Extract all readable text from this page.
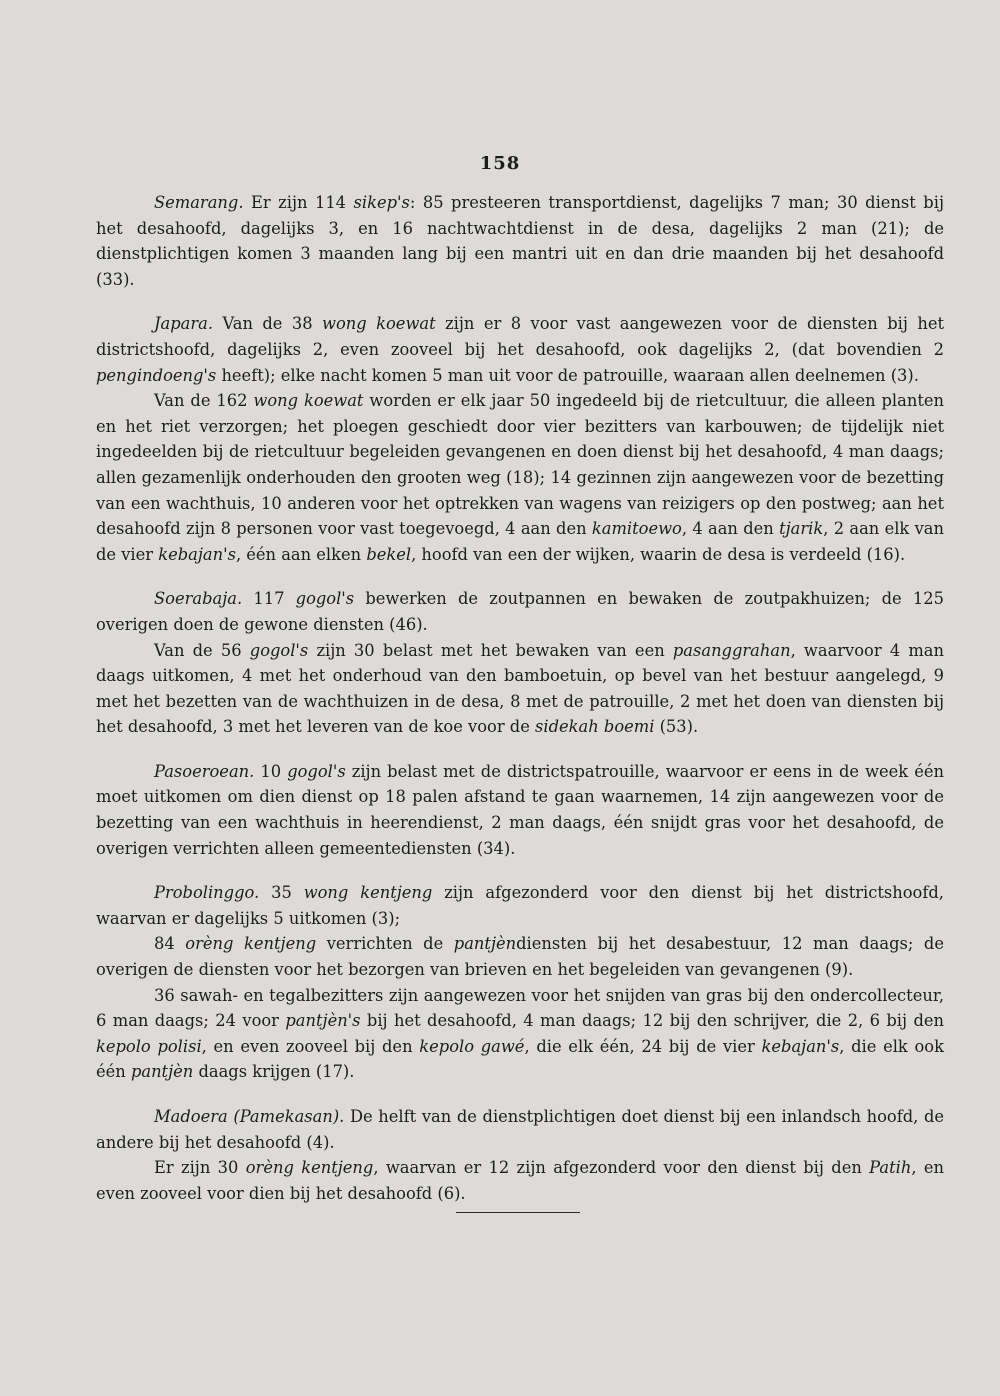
158

Semarang. Er zijn 114 sikep's: 85 presteeren transportdienst, dagelijks 7 man; 30 dienst bij het desahoofd, dagelijks 3, en 16 nachtwachtdienst in de desa, dagelijks 2 man (21); de dienstplichtigen komen 3 maanden lang bij een mantri uit en dan drie maanden bij het desahoofd (33).

Japara. Van de 38 wong koewat zijn er 8 voor vast aangewezen voor de diensten bij het districtshoofd, dagelijks 2, even zooveel bij het desahoofd, ook dagelijks 2, (dat bovendien 2 pengindoeng's heeft); elke nacht komen 5 man uit voor de patrouille, waaraan allen deelnemen (3).

Van de 162 wong koewat worden er elk jaar 50 ingedeeld bij de rietcultuur, die alleen planten en het riet verzorgen; het ploegen geschiedt door vier bezitters van karbouwen; de tijdelijk niet ingedeelden bij de rietcultuur begeleiden gevangenen en doen dienst bij het desahoofd, 4 man daags; allen gezamenlijk onderhouden den grooten weg (18); 14 gezinnen zijn aangewezen voor de bezetting van een wachthuis, 10 anderen voor het optrekken van wagens van reizigers op den postweg; aan het desahoofd zijn 8 personen voor vast toegevoegd, 4 aan den kamitoewo, 4 aan den tjarik, 2 aan elk van de vier kebajan's, één aan elken bekel, hoofd van een der wijken, waarin de desa is verdeeld (16).

Soerabaja. 117 gogol's bewerken de zoutpannen en bewaken de zoutpakhuizen; de 125 overigen doen de gewone diensten (46).

Van de 56 gogol's zijn 30 belast met het bewaken van een pasanggrahan, waarvoor 4 man daags uitkomen, 4 met het onderhoud van den bamboetuin, op bevel van het bestuur aangelegd, 9 met het bezetten van de wachthuizen in de desa, 8 met de patrouille, 2 met het doen van diensten bij het desahoofd, 3 met het leveren van de koe voor de sidekah boemi (53).

Pasoeroean. 10 gogol's zijn belast met de districtspatrouille, waarvoor er eens in de week één moet uitkomen om dien dienst op 18 palen afstand te gaan waarnemen, 14 zijn aangewezen voor de bezetting van een wachthuis in heerendienst, 2 man daags, één snijdt gras voor het desahoofd, de overigen verrichten alleen gemeentediensten (34).

Probolinggo. 35 wong kentjeng zijn afgezonderd voor den dienst bij het districtshoofd, waarvan er dagelijks 5 uitkomen (3);

84 orèng kentjeng verrichten de pantjèndiensten bij het desabestuur, 12 man daags; de overigen de diensten voor het bezorgen van brieven en het begeleiden van gevangenen (9).

36 sawah- en tegalbezitters zijn aangewezen voor het snijden van gras bij den ondercollecteur, 6 man daags; 24 voor pantjèn's bij het desahoofd, 4 man daags; 12 bij den schrijver, die 2, 6 bij den kepolo polisi, en even zooveel bij den kepolo gawé, die elk één, 24 bij de vier kebajan's, die elk ook één pantjèn daags krijgen (17).

Madoera (Pamekasan). De helft van de dienstplichtigen doet dienst bij een inlandsch hoofd, de andere bij het desahoofd (4).

Er zijn 30 orèng kentjeng, waarvan er 12 zijn afgezonderd voor den dienst bij den Patih, en even zooveel voor dien bij het desahoofd (6).
